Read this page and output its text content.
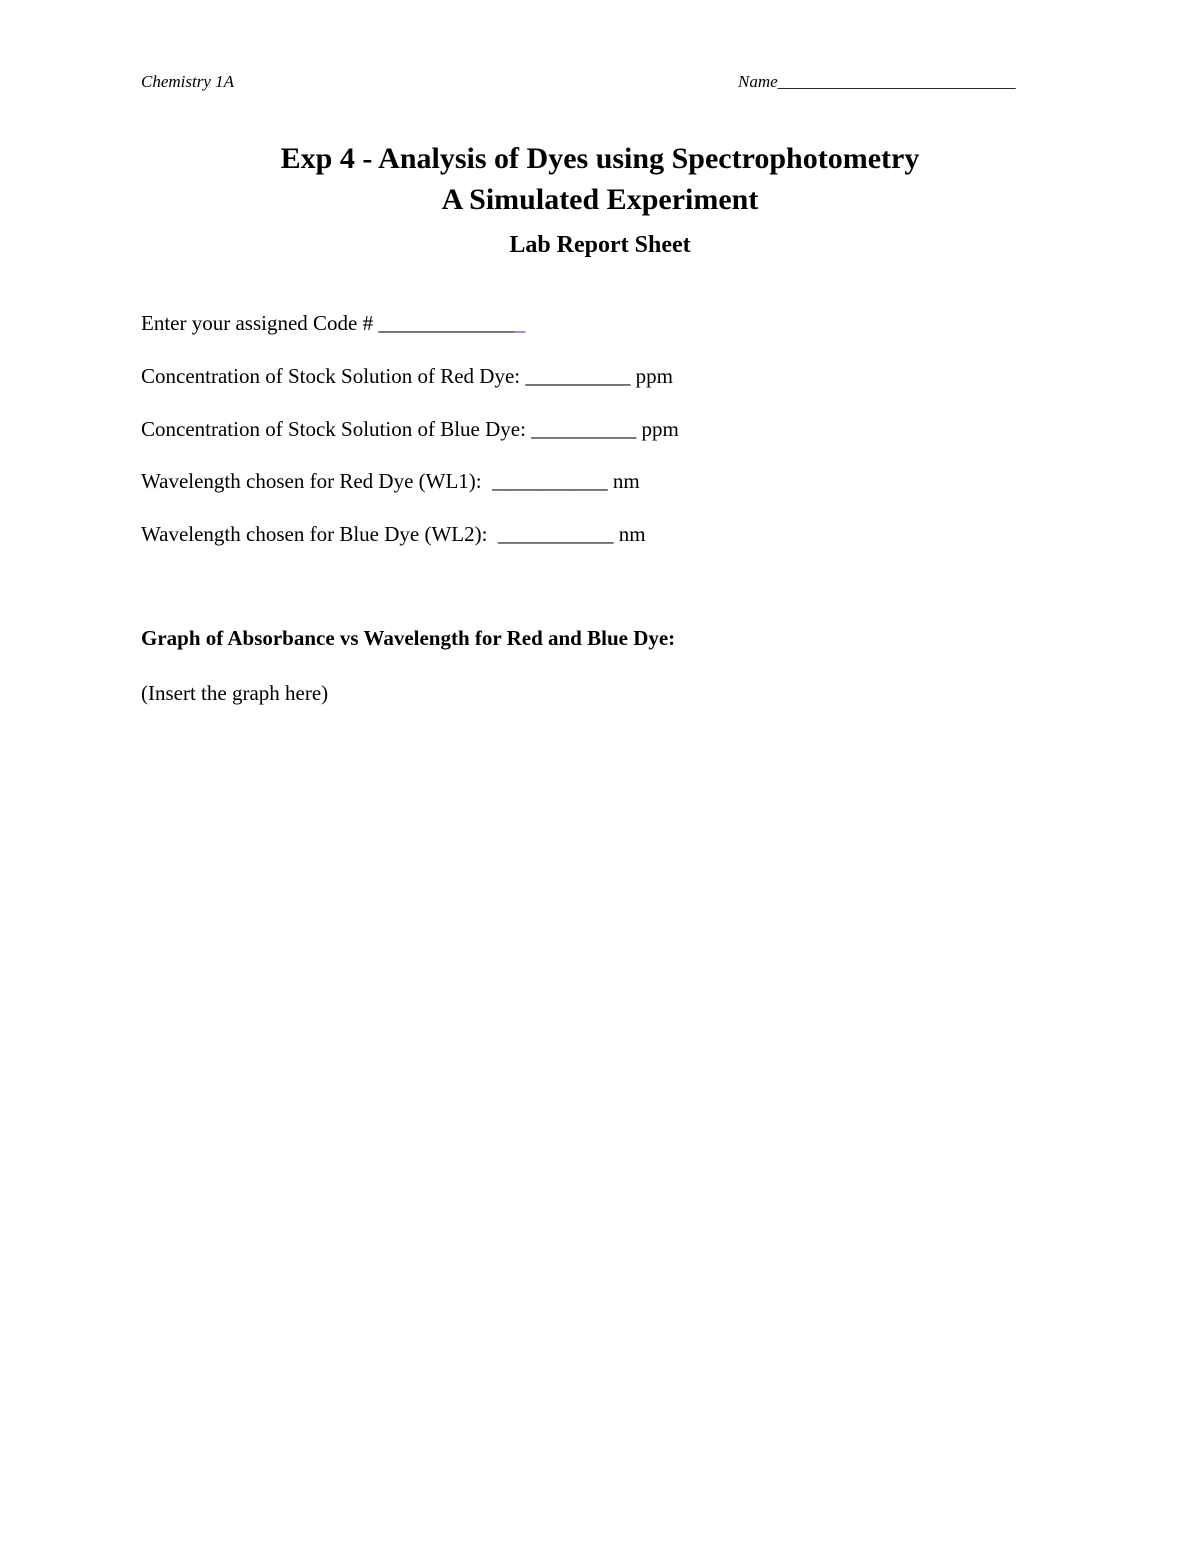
Chemistry 1A	Name____________________________
Exp 4 - Analysis of Dyes using Spectrophotometry
A Simulated Experiment
Lab Report Sheet
Enter your assigned Code # ______________
Concentration of Stock Solution of Red Dye: __________ ppm
Concentration of Stock Solution of Blue Dye: __________ ppm
Wavelength chosen for Red Dye (WL1):  ___________ nm
Wavelength chosen for Blue Dye (WL2):  ___________ nm
Graph of Absorbance vs Wavelength for Red and Blue Dye:
(Insert the graph here)
